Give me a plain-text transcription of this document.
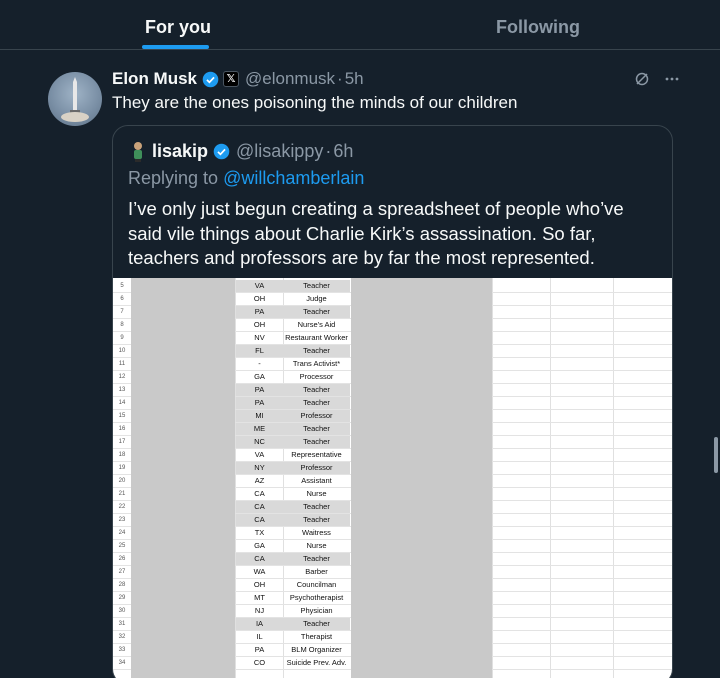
For you	Following
Elon Musk	𝕏 @elonmusk · 5h
They are the ones poisoning the minds of our children
lisakip @lisakippy · 6h
Replying to @willchamberlain
I’ve only just begun creating a spreadsheet of people who’ve said vile things about Charlie Kirk’s assassination. So far, teachers and professors are by far the most represented.
5	VA	Teacher
6	OH	Judge
7	PA	Teacher
8	OH	Nurse's Aid
9	NV	Restaurant Worker
10	FL	Teacher
11	-	Trans Activist*
12	GA	Processor
13	PA	Teacher
14	PA	Teacher
15	MI	Professor
16	ME	Teacher
17	NC	Teacher
18	VA	Representative
19	NY	Professor
20	AZ	Assistant
21	CA	Nurse
22	CA	Teacher
23	CA	Teacher
24	TX	Waitress
25	GA	Nurse
26	CA	Teacher
27	WA	Barber
28	OH	Councilman
29	MT	Psychotherapist
30	NJ	Physician
31	IA	Teacher
32	IL	Therapist
33	PA	BLM Organizer
34	CO	Suicide Prev. Adv.
